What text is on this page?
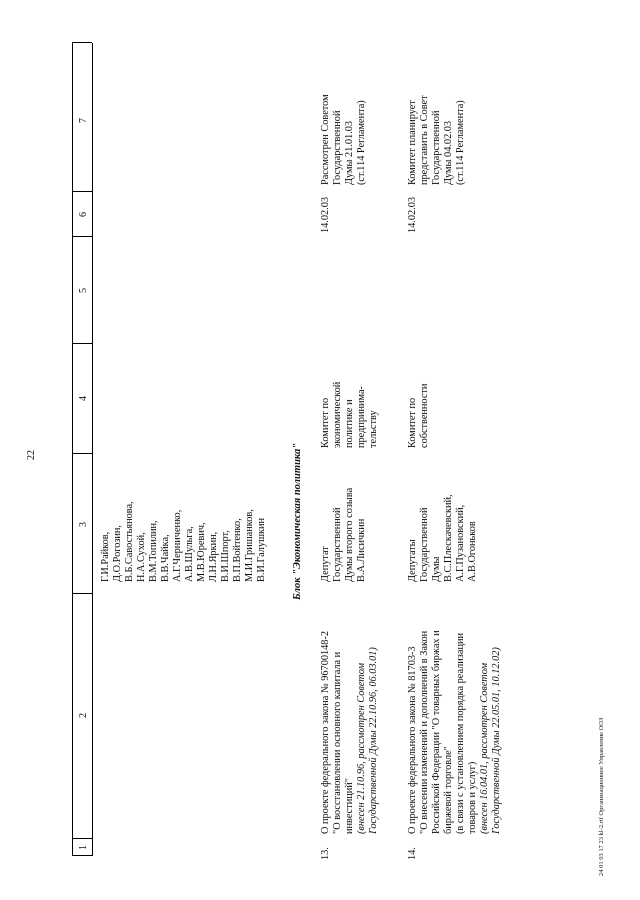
22
1
2
3
4
5
6
7
Г.И.Райков, Д.О.Рогозин, В.Б.Савостьянова, Н.А.Сухой, В.М.Топилин, В.В.Чайка, А.Г.Черниченко, А.В.Шульга, М.В.Юревич, Л.Н.Яркин, В.И.Шпорт, В.П.Войтенко, М.И.Гришанков, В.И.Галушкин Блок "Экономическая политика"
13.
О проекте федерального закона № 96700148-2 "О восстановлении основного капитала и инвестиций" (внесен 21.10.96, рассмотрен Советом Государственной Думы 22.10.96, 06.03.01)
Депутат Государственной Думы второго созыва В.А.Лисичкин
Комитет по экономической политике и предпринима- тельству
14.02.03
Рассмотрен Советом Государственной Думы 21.01.03 (ст.114 Регламента)
14.
О проекте федерального закона № 81703-3 "О внесении изменений и дополнений в Закон Российской Федерации "О товарных биржах и биржевой торговле" (в связи с установлением порядка реализации товаров и услуг) (внесен 16.04.01, рассмотрен Советом Государственной Думы 22.05.01, 10.12.02)
Депутаты Государственной Думы В.С.Плескачевский, А.Г.Пузановский, А.В.Огоньков
Комитет по собственности
14.02.03
Комитет планирует представить в Совет Государственной Думы 04.02.03 (ст.114 Регламента)
24 01 03 17 23 kl-2.rtf Организационное Управление ООЗ
